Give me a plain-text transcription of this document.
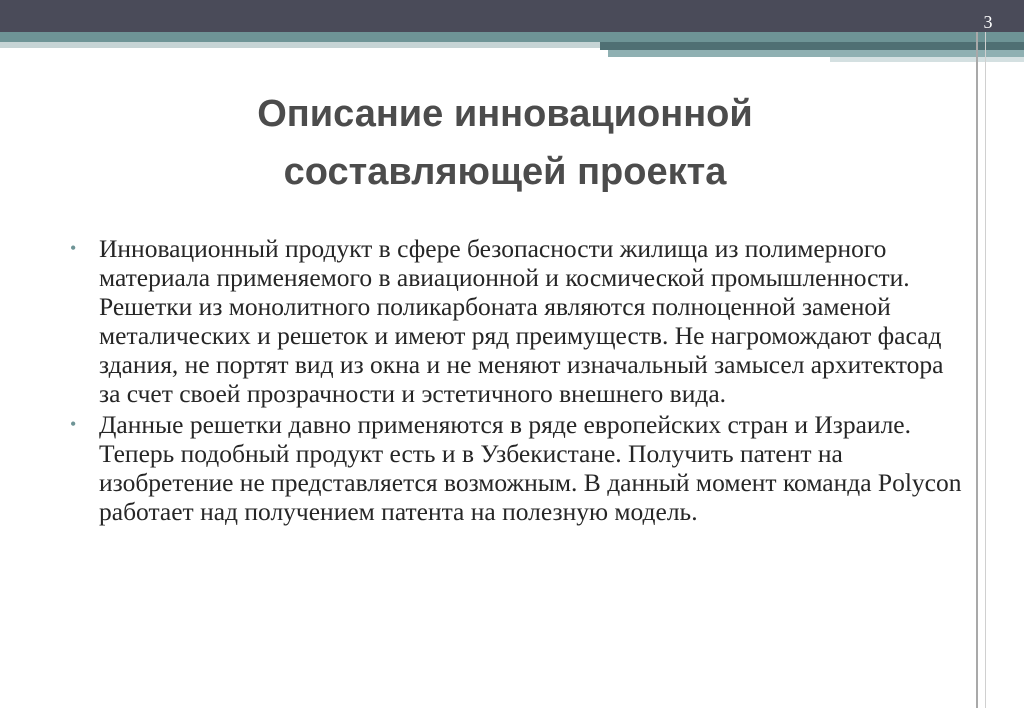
3
Описание инновационной
составляющей проекта
• Инновационный продукт в сфере безопасности жилища из полимерного материала применяемого в авиационной и космической промышленности. Решетки из монолитного поликарбоната являются полноценной заменой металических и решеток и имеют ряд преимуществ. Не нагромождают фасад здания, не портят вид из окна и не меняют изначальный замысел архитектора за счет своей прозрачности и эстетичного внешнего вида.
• Данные решетки давно применяются в ряде европейских стран и Израиле. Теперь подобный продукт есть и в Узбекистане. Получить патент на изобретение не представляется возможным. В данный момент команда Polycon работает над получением патента на полезную модель.
